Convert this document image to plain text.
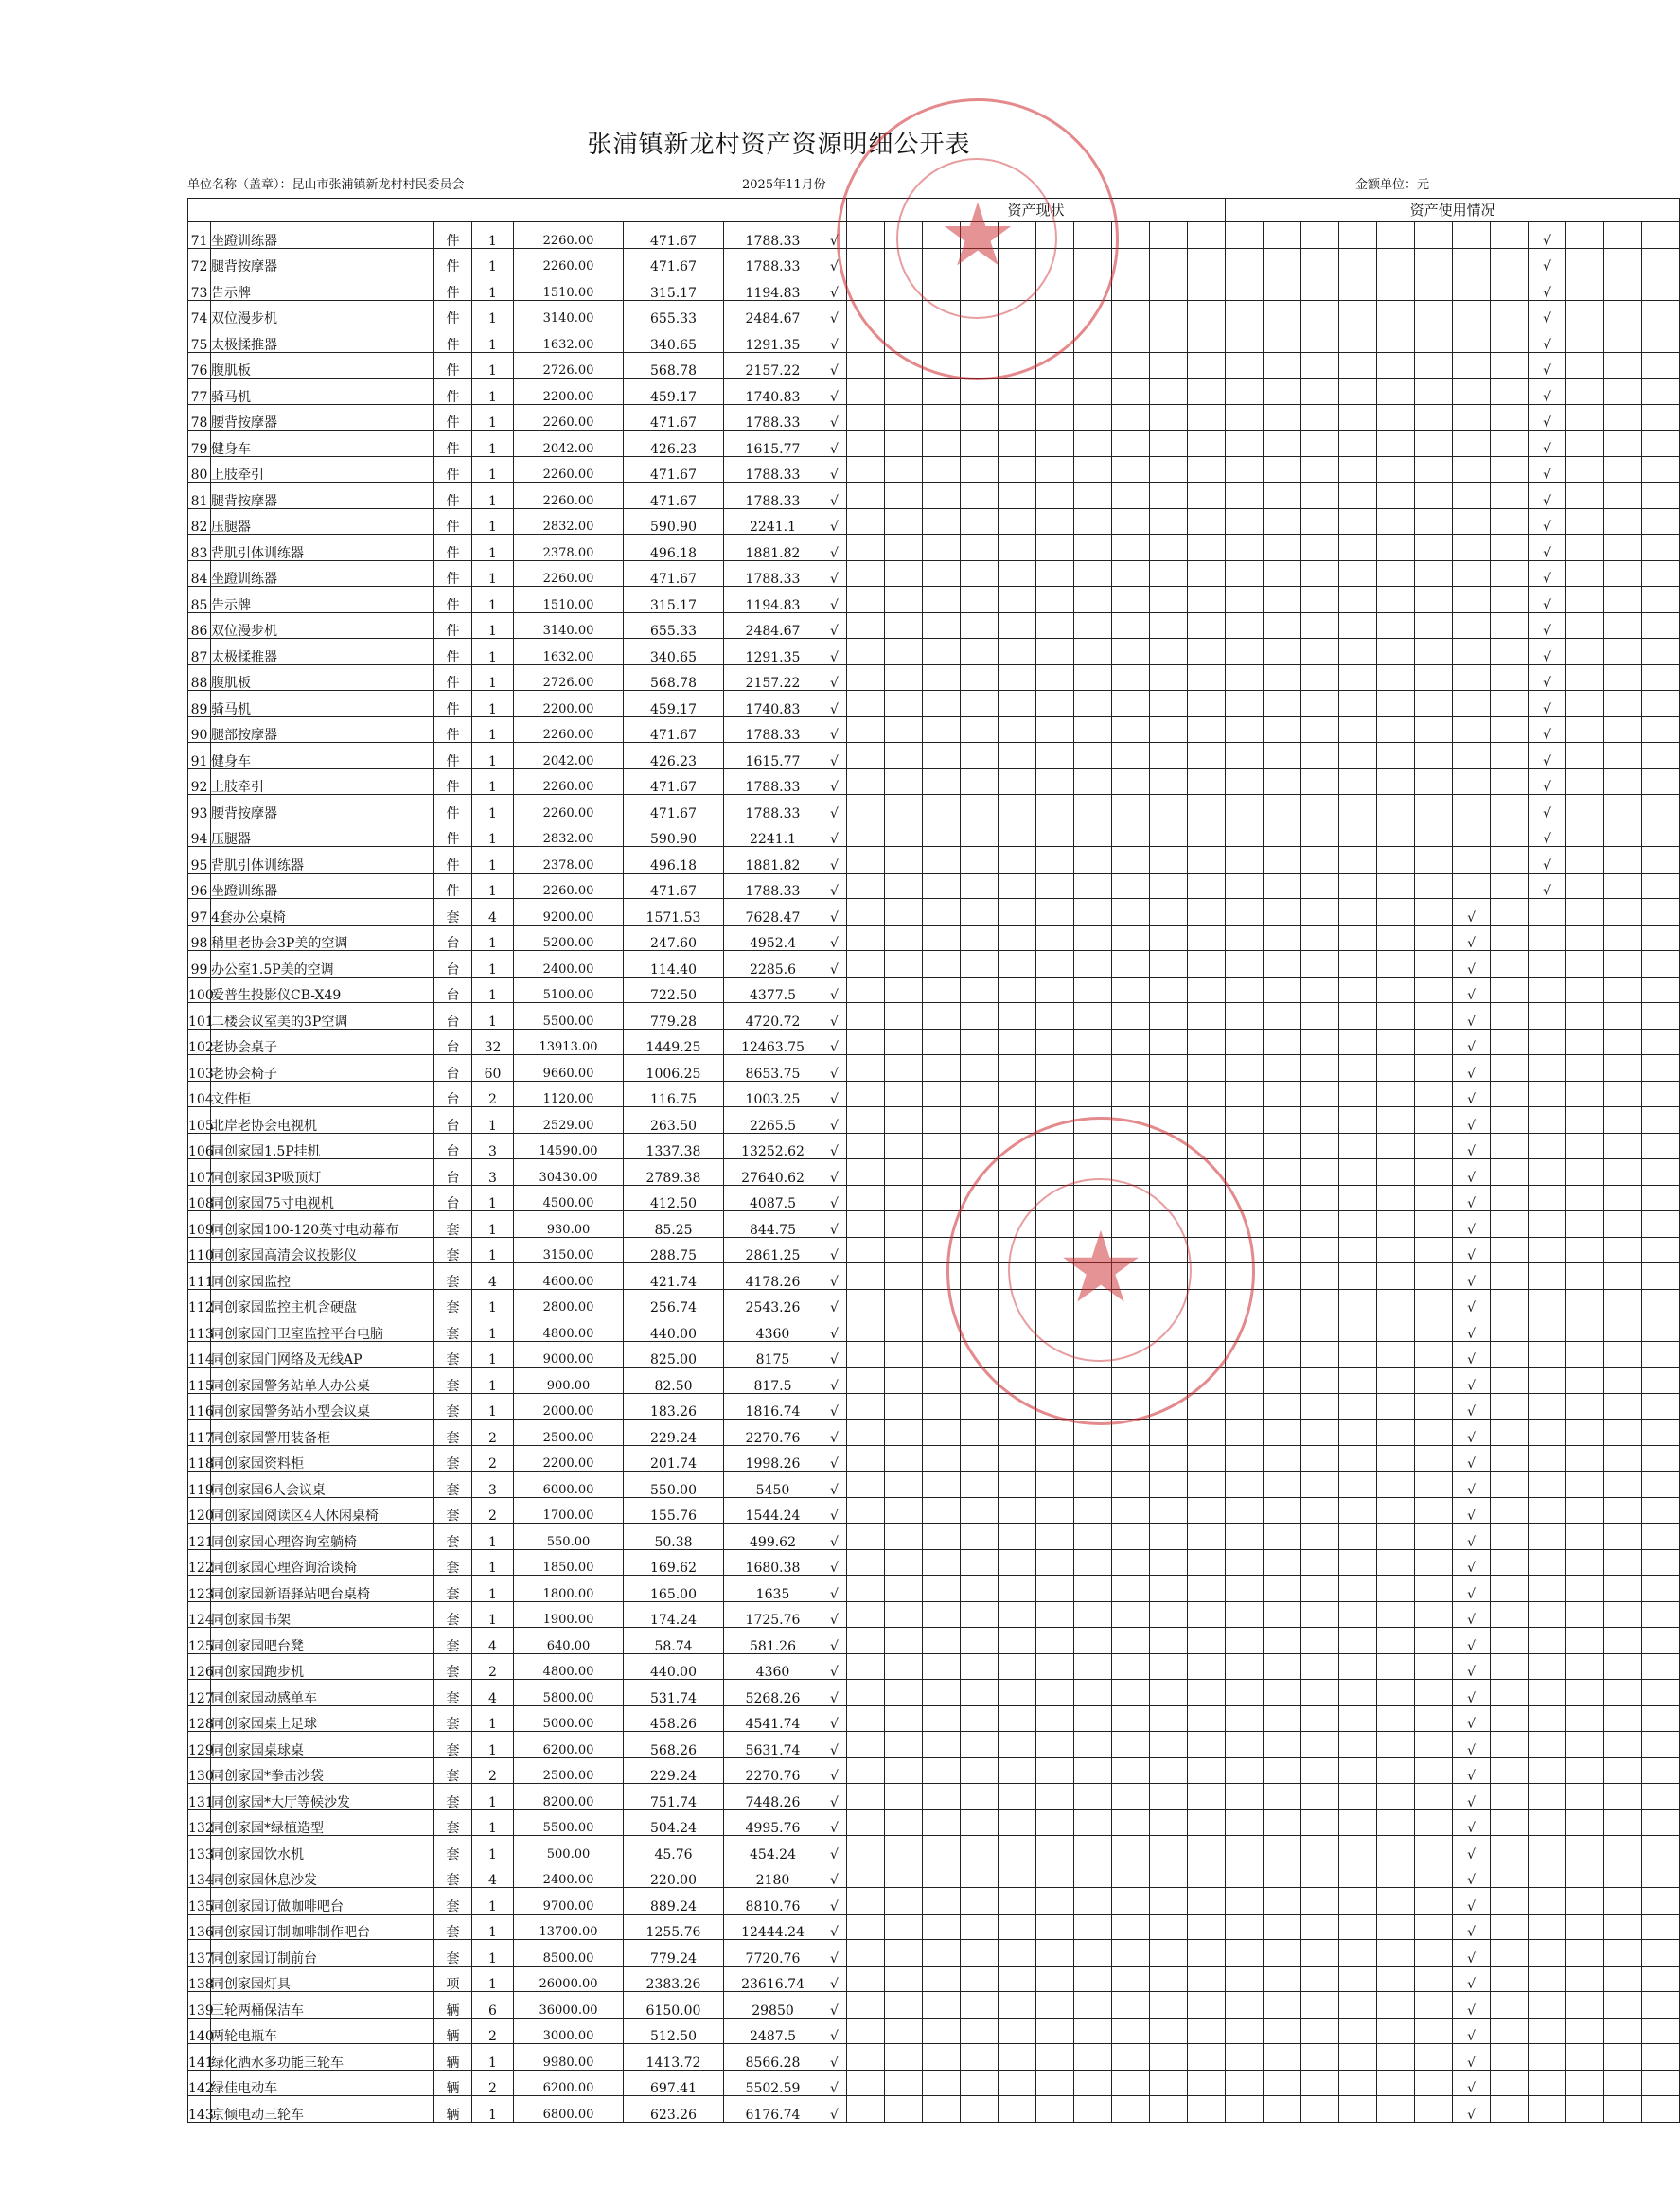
张浦镇新龙村资产资源明细公开表
单位名称（盖章）：昆山市张浦镇新龙村村民委员会	2025年11月份	金额单位：元
								资产现状										资产使用情况											
71	坐蹬训练器	件	1	2260.00	471.67	1788.33	√																			√			
72	腿背按摩器	件	1	2260.00	471.67	1788.33	√																			√			
73	告示牌	件	1	1510.00	315.17	1194.83	√																			√			
74	双位漫步机	件	1	3140.00	655.33	2484.67	√																			√			
75	太极揉推器	件	1	1632.00	340.65	1291.35	√																			√			
76	腹肌板	件	1	2726.00	568.78	2157.22	√																			√			
77	骑马机	件	1	2200.00	459.17	1740.83	√																			√			
78	腰背按摩器	件	1	2260.00	471.67	1788.33	√																			√			
79	健身车	件	1	2042.00	426.23	1615.77	√																			√			
80	上肢牵引	件	1	2260.00	471.67	1788.33	√																			√			
81	腿背按摩器	件	1	2260.00	471.67	1788.33	√																			√			
82	压腿器	件	1	2832.00	590.90	2241.1	√																			√			
83	背肌引体训练器	件	1	2378.00	496.18	1881.82	√																			√			
84	坐蹬训练器	件	1	2260.00	471.67	1788.33	√																			√			
85	告示牌	件	1	1510.00	315.17	1194.83	√																			√			
86	双位漫步机	件	1	3140.00	655.33	2484.67	√																			√			
87	太极揉推器	件	1	1632.00	340.65	1291.35	√																			√			
88	腹肌板	件	1	2726.00	568.78	2157.22	√																			√			
89	骑马机	件	1	2200.00	459.17	1740.83	√																			√			
90	腿部按摩器	件	1	2260.00	471.67	1788.33	√																			√			
91	健身车	件	1	2042.00	426.23	1615.77	√																			√			
92	上肢牵引	件	1	2260.00	471.67	1788.33	√																			√			
93	腰背按摩器	件	1	2260.00	471.67	1788.33	√																			√			
94	压腿器	件	1	2832.00	590.90	2241.1	√																			√			
95	背肌引体训练器	件	1	2378.00	496.18	1881.82	√																			√			
96	坐蹬训练器	件	1	2260.00	471.67	1788.33	√																			√			
97	4套办公桌椅	套	4	9200.00	1571.53	7628.47	√																	√					
98	稍里老协会3P美的空调	台	1	5200.00	247.60	4952.4	√																	√					
99	办公室1.5P美的空调	台	1	2400.00	114.40	2285.6	√																	√					
100	爱普生投影仪CB-X49	台	1	5100.00	722.50	4377.5	√																	√					
101	二楼会议室美的3P空调	台	1	5500.00	779.28	4720.72	√																	√					
102	老协会桌子	台	32	13913.00	1449.25	12463.75	√																	√					
103	老协会椅子	台	60	9660.00	1006.25	8653.75	√																	√					
104	文件柜	台	2	1120.00	116.75	1003.25	√																	√					
105	北岸老协会电视机	台	1	2529.00	263.50	2265.5	√																	√					
106	同创家园1.5P挂机	台	3	14590.00	1337.38	13252.62	√																	√					
107	同创家园3P吸顶灯	台	3	30430.00	2789.38	27640.62	√																	√					
108	同创家园75寸电视机	台	1	4500.00	412.50	4087.5	√																	√					
109	同创家园100-120英寸电动幕布	套	1	930.00	85.25	844.75	√																	√					
110	同创家园高清会议投影仪	套	1	3150.00	288.75	2861.25	√																	√					
111	同创家园监控	套	4	4600.00	421.74	4178.26	√																	√					
112	同创家园监控主机含硬盘	套	1	2800.00	256.74	2543.26	√																	√					
113	同创家园门卫室监控平台电脑	套	1	4800.00	440.00	4360	√																	√					
114	同创家园门网络及无线AP	套	1	9000.00	825.00	8175	√																	√					
115	同创家园警务站单人办公桌	套	1	900.00	82.50	817.5	√																	√					
116	同创家园警务站小型会议桌	套	1	2000.00	183.26	1816.74	√																	√					
117	同创家园警用装备柜	套	2	2500.00	229.24	2270.76	√																	√					
118	同创家园资料柜	套	2	2200.00	201.74	1998.26	√																	√					
119	同创家园6人会议桌	套	3	6000.00	550.00	5450	√																	√					
120	同创家园阅读区4人休闲桌椅	套	2	1700.00	155.76	1544.24	√																	√					
121	同创家园心理咨询室躺椅	套	1	550.00	50.38	499.62	√																	√					
122	同创家园心理咨询洽谈椅	套	1	1850.00	169.62	1680.38	√																	√					
123	同创家园新语驿站吧台桌椅	套	1	1800.00	165.00	1635	√																	√					
124	同创家园书架	套	1	1900.00	174.24	1725.76	√																	√					
125	同创家园吧台凳	套	4	640.00	58.74	581.26	√																	√					
126	同创家园跑步机	套	2	4800.00	440.00	4360	√																	√					
127	同创家园动感单车	套	4	5800.00	531.74	5268.26	√																	√					
128	同创家园桌上足球	套	1	5000.00	458.26	4541.74	√																	√					
129	同创家园桌球桌	套	1	6200.00	568.26	5631.74	√																	√					
130	同创家园*拳击沙袋	套	2	2500.00	229.24	2270.76	√																	√					
131	同创家园*大厅等候沙发	套	1	8200.00	751.74	7448.26	√																	√					
132	同创家园*绿植造型	套	1	5500.00	504.24	4995.76	√																	√					
133	同创家园饮水机	套	1	500.00	45.76	454.24	√																	√					
134	同创家园休息沙发	套	4	2400.00	220.00	2180	√																	√					
135	同创家园订做咖啡吧台	套	1	9700.00	889.24	8810.76	√																	√					
136	同创家园订制咖啡制作吧台	套	1	13700.00	1255.76	12444.24	√																	√					
137	同创家园订制前台	套	1	8500.00	779.24	7720.76	√																	√					
138	同创家园灯具	项	1	26000.00	2383.26	23616.74	√																	√					
139	三轮两桶保洁车	辆	6	36000.00	6150.00	29850	√																	√					
140	两轮电瓶车	辆	2	3000.00	512.50	2487.5	√																	√					
141	绿化洒水多功能三轮车	辆	1	9980.00	1413.72	8566.28	√																	√					
142	绿佳电动车	辆	2	6200.00	697.41	5502.59	√																	√					
143	京倾电动三轮车	辆	1	6800.00	623.26	6176.74	√																	√					
★
★
